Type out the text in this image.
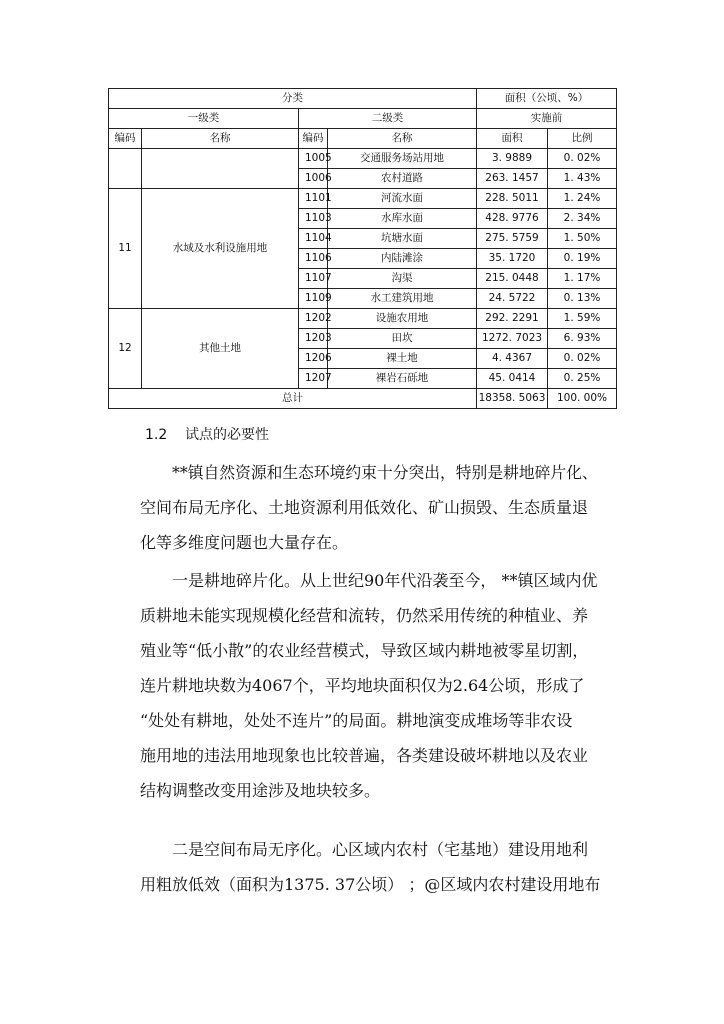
分类				面积（公顷、%）	
一级类		二级类		实施前	
编码	名称	编码	名称	面积	比例
		1005	交通服务场站用地	3. 9889	0. 02%
		1006	农村道路	263. 1457	1. 43%
11	水域及水利设施用地	1101	河流水面	228. 5011	1. 24%
		1103	水库水面	428. 9776	2. 34%
		1104	坑塘水面	275. 5759	1. 50%
		1106	内陆滩涂	35. 1720	0. 19%
		1107	沟渠	215. 0448	1. 17%
		1109	水工建筑用地	24. 5722	0. 13%
12	其他土地	1202	设施农用地	292. 2291	1. 59%
		1203	田坎	1272. 7023	6. 93%
		1206	裸土地	4. 4367	0. 02%
		1207	裸岩石砾地	45. 0414	0. 25%
总计				18358. 5063	100. 00%
1.2 试点的必要性

**镇自然资源和生态环境约束十分突出，特别是耕地碎片化、
空间布局无序化、土地资源利用低效化、矿山损毁、生态质量退
化等多维度问题也大量存在。

一是耕地碎片化。从上世纪90年代沿袭至今， **镇区域内优
质耕地未能实现规模化经营和流转，仍然采用传统的种植业、养
殖业等“低小散”的农业经营模式，导致区域内耕地被零星切割，
连片耕地块数为4067个，平均地块面积仅为2.64公顷，形成了
“处处有耕地，处处不连片”的局面。耕地演变成堆场等非农设
施用地的违法用地现象也比较普遍，各类建设破坏耕地以及农业
结构调整改变用途涉及地块较多。

二是空间布局无序化。心区域内农村（宅基地）建设用地利
用粗放低效（面积为1375. 37公顷） ；@区域内农村建设用地布
